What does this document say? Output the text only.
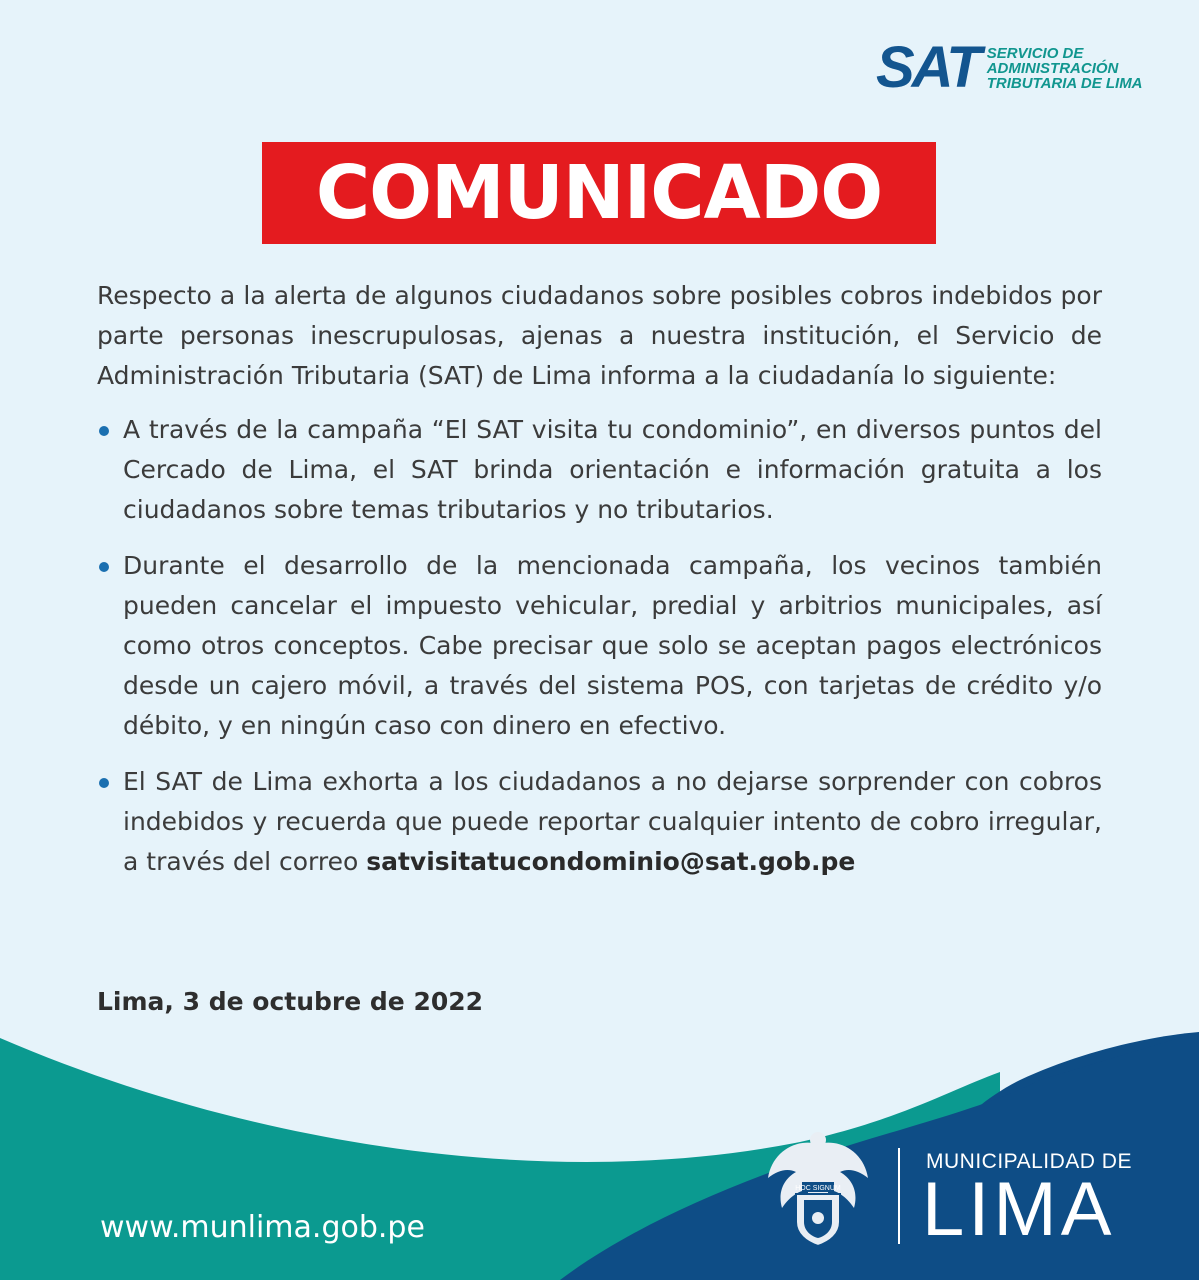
SAT SERVICIO DE
ADMINISTRACIÓN
TRIBUTARIA DE LIMA
COMUNICADO

Respecto a la alerta de algunos ciudadanos sobre posibles cobros indebidos por parte personas inescrupulosas, ajenas a nuestra institución, el Servicio de Administración Tributaria (SAT) de Lima informa a la ciudadanía lo siguiente:

A través de la campaña “El SAT visita tu condominio”, en diversos puntos del Cercado de Lima, el SAT brinda orientación e información gratuita a los ciudadanos sobre temas tributarios y no tributarios.
Durante el desarrollo de la mencionada campaña, los vecinos también pueden cancelar el impuesto vehicular, predial y arbitrios municipales, así como otros conceptos. Cabe precisar que solo se aceptan pagos electrónicos desde un cajero móvil, a través del sistema POS, con tarjetas de crédito y/o débito, y en ningún caso con dinero en efectivo.
El SAT de Lima exhorta a los ciudadanos a no dejarse sorprender con cobros indebidos y recuerda que puede reportar cualquier intento de cobro irregular, a través del correo satvisitatucondominio@sat.gob.pe
Lima, 3 de octubre de 2022
www.munlima.gob.pe
HOC SIGNUM
MUNICIPALIDAD DE
LIMA
